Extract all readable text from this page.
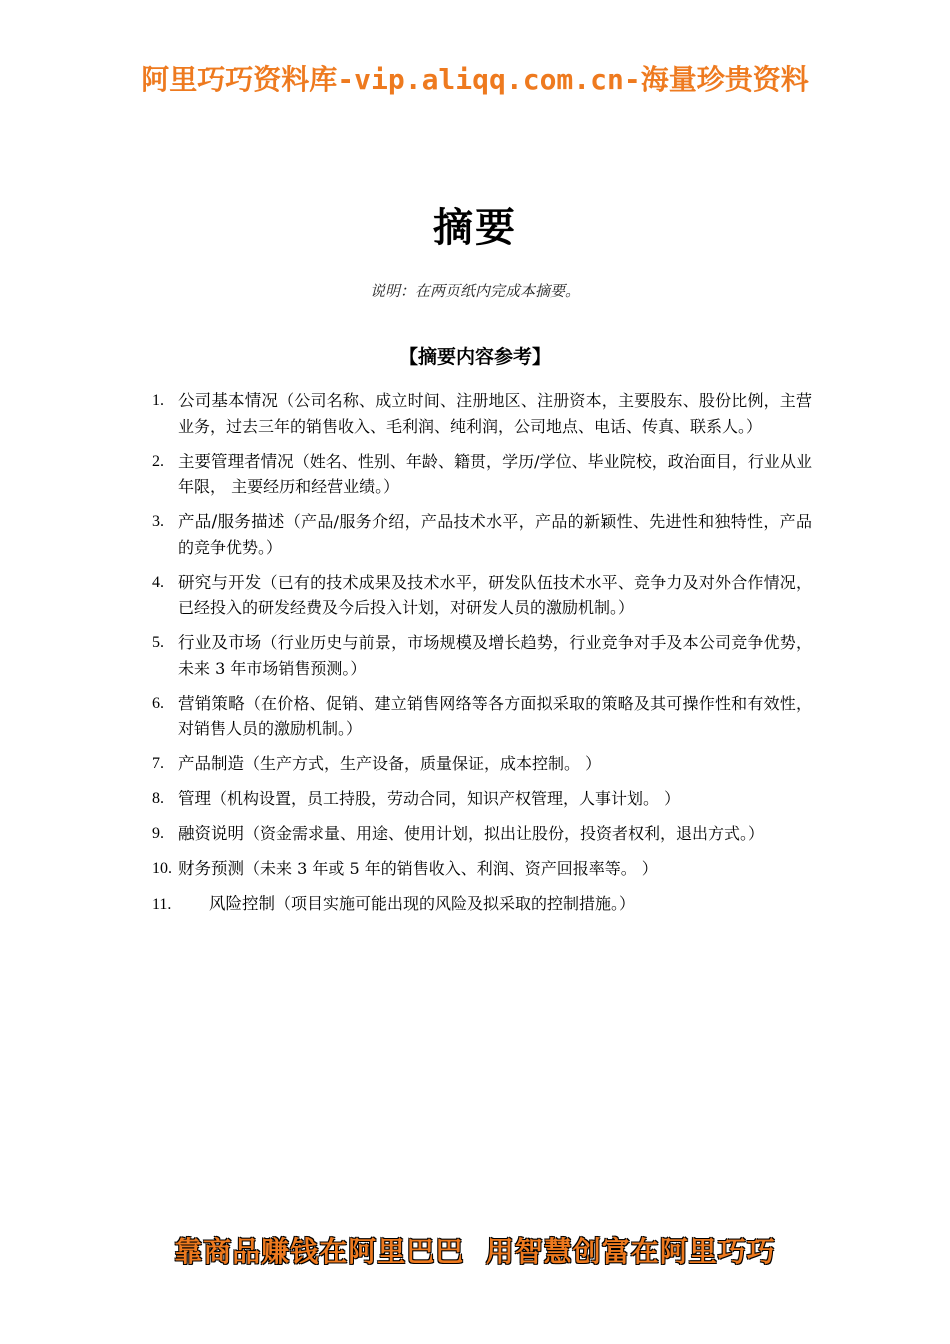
阿里巧巧资料库-vip.aliqq.com.cn-海量珍贵资料
摘要
说明：在两页纸内完成本摘要。
【摘要内容参考】
1. 公司基本情况（公司名称、成立时间、注册地区、注册资本，主要股东、股份比例，主营业务，过去三年的销售收入、毛利润、纯利润，公司地点、电话、传真、联系人。）
2. 主要管理者情况（姓名、性别、年龄、籍贯，学历/学位、毕业院校，政治面目，行业从业年限， 主要经历和经营业绩。）
3. 产品/服务描述（产品/服务介绍，产品技术水平，产品的新颖性、先进性和独特性，产品的竞争优势。）
4. 研究与开发（已有的技术成果及技术水平，研发队伍技术水平、竞争力及对外合作情况，已经投入的研发经费及今后投入计划，对研发人员的激励机制。）
5. 行业及市场（行业历史与前景，市场规模及增长趋势，行业竞争对手及本公司竞争优势，未来 3 年市场销售预测。）
6. 营销策略（在价格、促销、建立销售网络等各方面拟采取的策略及其可操作性和有效性，对销售人员的激励机制。）
7. 产品制造（生产方式，生产设备，质量保证，成本控制。 ）
8. 管理（机构设置，员工持股，劳动合同，知识产权管理，人事计划。 ）
9. 融资说明（资金需求量、用途、使用计划，拟出让股份，投资者权利，退出方式。）
10. 财务预测（未来 3 年或 5 年的销售收入、利润、资产回报率等。 ）
11. 风险控制（项目实施可能出现的风险及拟采取的控制措施。）
靠商品赚钱在阿里巴巴  用智慧创富在阿里巧巧
